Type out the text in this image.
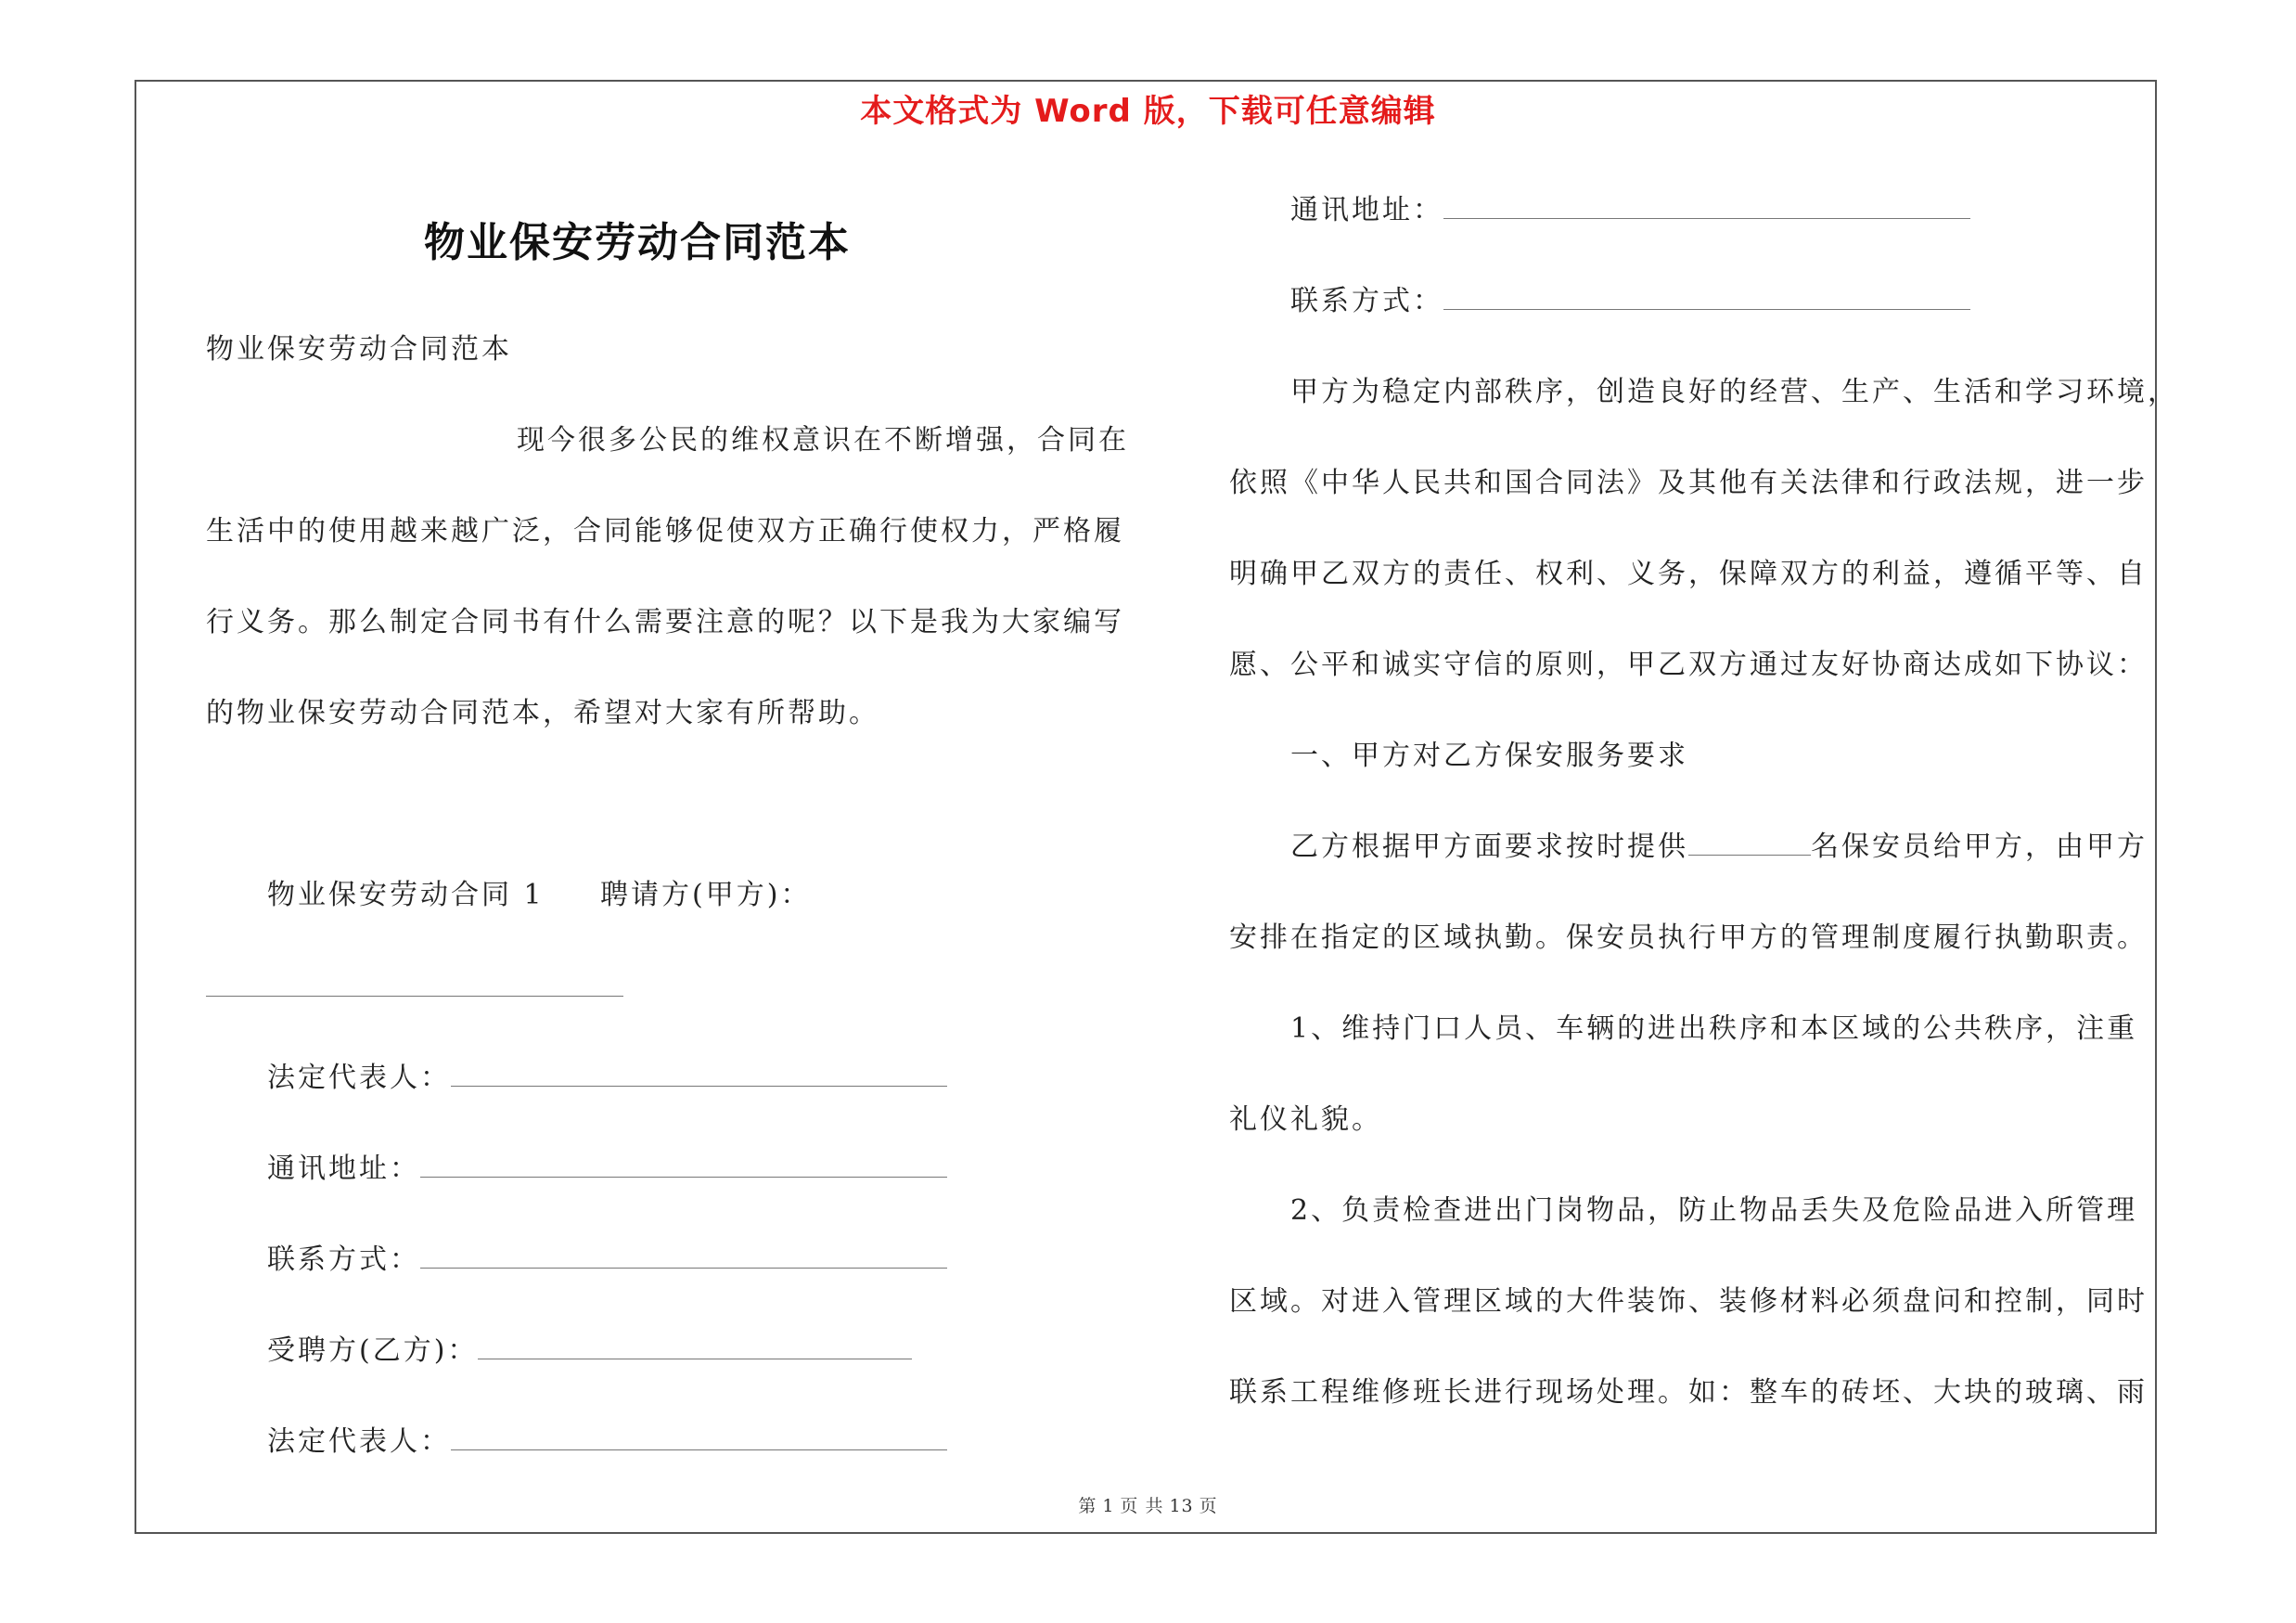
本文格式为 Word 版，下载可任意编辑
物业保安劳动合同范本
物业保安劳动合同范本
现今很多公民的维权意识在不断增强，合同在
生活中的使用越来越广泛，合同能够促使双方正确行使权力，严格履
行义务。那么制定合同书有什么需要注意的呢？以下是我为大家编写
的物业保安劳动合同范本，希望对大家有所帮助。
物业保安劳动合同 1 聘请方(甲方)：
法定代表人：
通讯地址：
联系方式：
受聘方(乙方)：
法定代表人：
通讯地址：
联系方式：
甲方为稳定内部秩序，创造良好的经营、生产、生活和学习环境，
依照《中华人民共和国合同法》及其他有关法律和行政法规，进一步
明确甲乙双方的责任、权利、义务，保障双方的利益，遵循平等、自
愿、公平和诚实守信的原则，甲乙双方通过友好协商达成如下协议：
一、甲方对乙方保安服务要求
乙方根据甲方面要求按时提供	名保安员给甲方，由甲方
安排在指定的区域执勤。保安员执行甲方的管理制度履行执勤职责。
1、维持门口人员、车辆的进出秩序和本区域的公共秩序，注重
礼仪礼貌。
2、负责检查进出门岗物品，防止物品丢失及危险品进入所管理
区域。对进入管理区域的大件装饰、装修材料必须盘问和控制，同时
联系工程维修班长进行现场处理。如：整车的砖坯、大块的玻璃、雨
第 1 页 共 13 页
